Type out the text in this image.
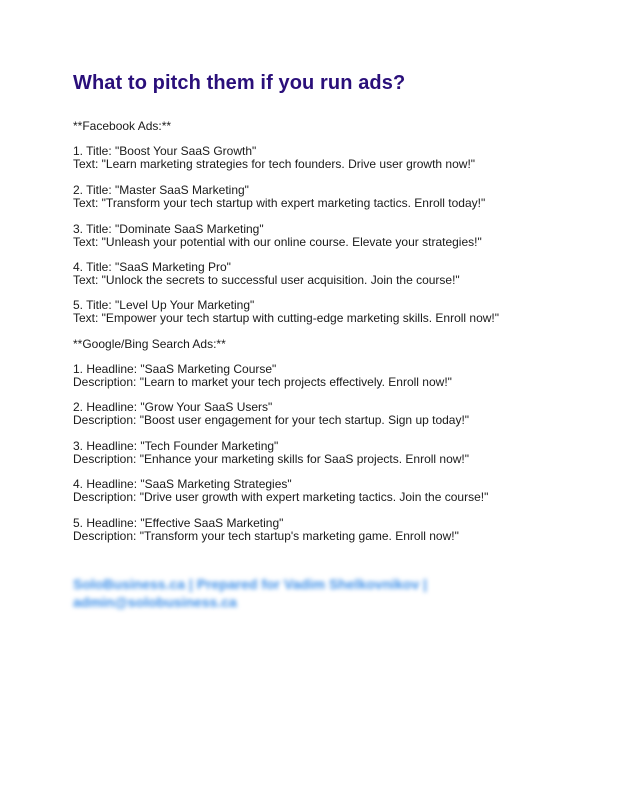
What to pitch them if you run ads?
**Facebook Ads:**
1. Title: "Boost Your SaaS Growth"
Text: "Learn marketing strategies for tech founders. Drive user growth now!"
2. Title: "Master SaaS Marketing"
Text: "Transform your tech startup with expert marketing tactics. Enroll today!"
3. Title: "Dominate SaaS Marketing"
Text: "Unleash your potential with our online course. Elevate your strategies!"
4. Title: "SaaS Marketing Pro"
Text: "Unlock the secrets to successful user acquisition. Join the course!"
5. Title: "Level Up Your Marketing"
Text: "Empower your tech startup with cutting-edge marketing skills. Enroll now!"
**Google/Bing Search Ads:**
1. Headline: "SaaS Marketing Course"
Description: "Learn to market your tech projects effectively. Enroll now!"
2. Headline: "Grow Your SaaS Users"
Description: "Boost user engagement for your tech startup. Sign up today!"
3. Headline: "Tech Founder Marketing"
Description: "Enhance your marketing skills for SaaS projects. Enroll now!"
4. Headline: "SaaS Marketing Strategies"
Description: "Drive user growth with expert marketing tactics. Join the course!"
5. Headline: "Effective SaaS Marketing"
Description: "Transform your tech startup's marketing game. Enroll now!"
SoloBusiness.ca | Prepared for Vadim Shelkovnikov |
admin@solobusiness.ca
